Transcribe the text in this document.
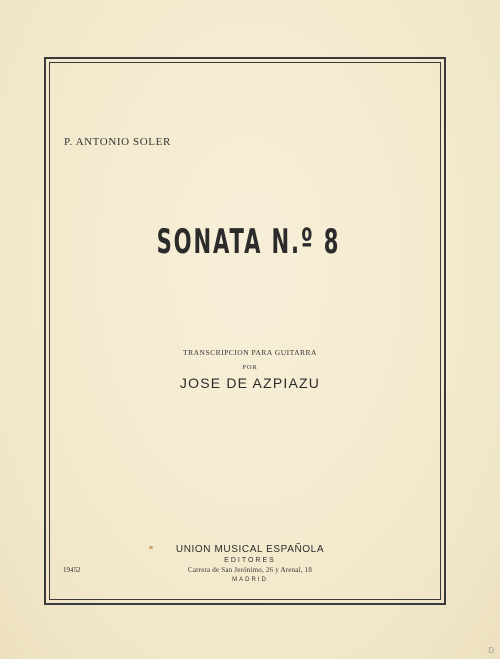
P. ANTONIO SOLER
SONATA N.º 8
TRANSCRIPCION PARA GUITARRA
POR
JOSE DE AZPIAZU
19452
UNION MUSICAL ESPAÑOLA
EDITORES
Carrera de San Jerónimo, 26 y Arenal, 18
MADRID
D
